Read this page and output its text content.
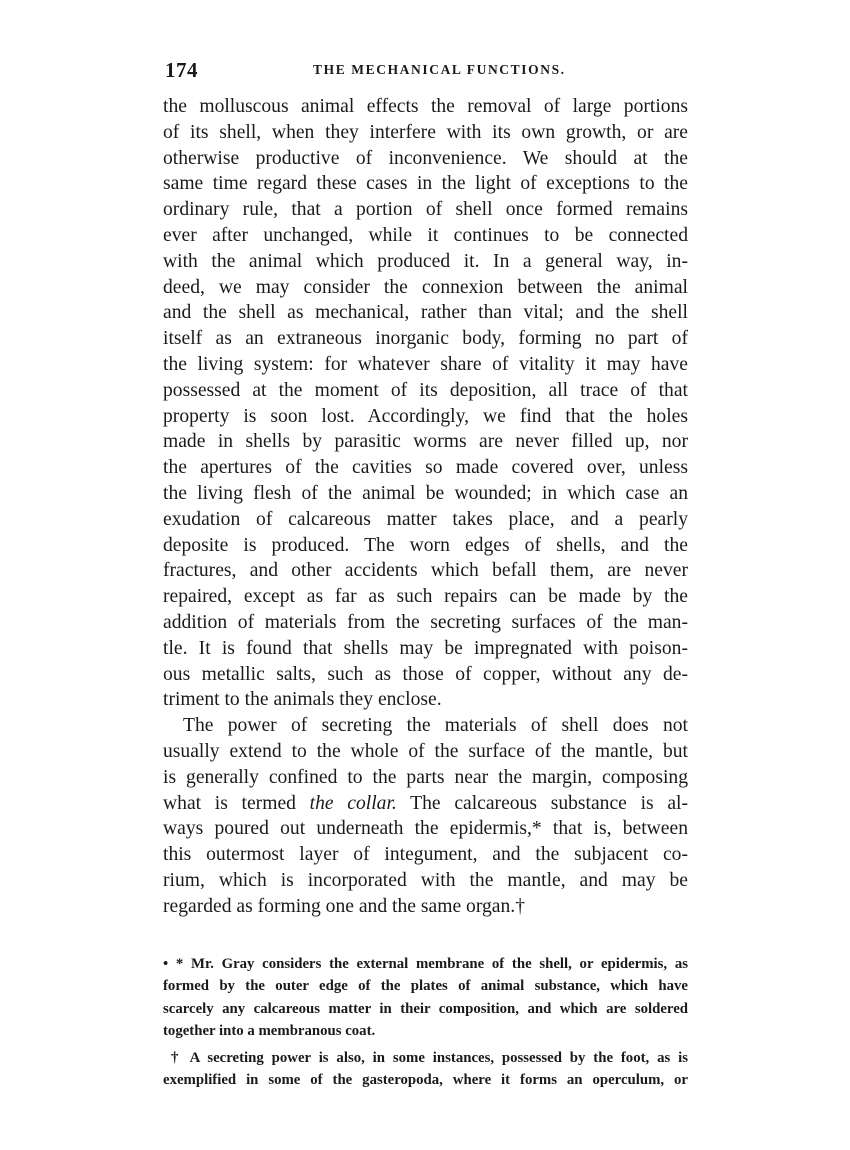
174	THE MECHANICAL FUNCTIONS.
the molluscous animal effects the removal of large portions
of its shell, when they interfere with its own growth, or are
otherwise productive of inconvenience. We should at the
same time regard these cases in the light of exceptions to the
ordinary rule, that a portion of shell once formed remains
ever after unchanged, while it continues to be connected
with the animal which produced it. In a general way, in-
deed, we may consider the connexion between the animal
and the shell as mechanical, rather than vital; and the shell
itself as an extraneous inorganic body, forming no part of
the living system: for whatever share of vitality it may have
possessed at the moment of its deposition, all trace of that
property is soon lost. Accordingly, we find that the holes
made in shells by parasitic worms are never filled up, nor
the apertures of the cavities so made covered over, unless
the living flesh of the animal be wounded; in which case an
exudation of calcareous matter takes place, and a pearly
deposite is produced. The worn edges of shells, and the
fractures, and other accidents which befall them, are never
repaired, except as far as such repairs can be made by the
addition of materials from the secreting surfaces of the man-
tle. It is found that shells may be impregnated with poison-
ous metallic salts, such as those of copper, without any de-
triment to the animals they enclose.
The power of secreting the materials of shell does not
usually extend to the whole of the surface of the mantle, but
is generally confined to the parts near the margin, composing
what is termed the collar. The calcareous substance is al-
ways poured out underneath the epidermis,* that is, between
this outermost layer of integument, and the subjacent co-
rium, which is incorporated with the mantle, and may be
regarded as forming one and the same organ.†
• * Mr. Gray considers the external membrane of the shell, or epidermis, as
formed by the outer edge of the plates of animal substance, which have
scarcely any calcareous matter in their composition, and which are soldered
together into a membranous coat.
† A secreting power is also, in some instances, possessed by the foot, as is
exemplified in some of the gasteropoda, where it forms an operculum, or
